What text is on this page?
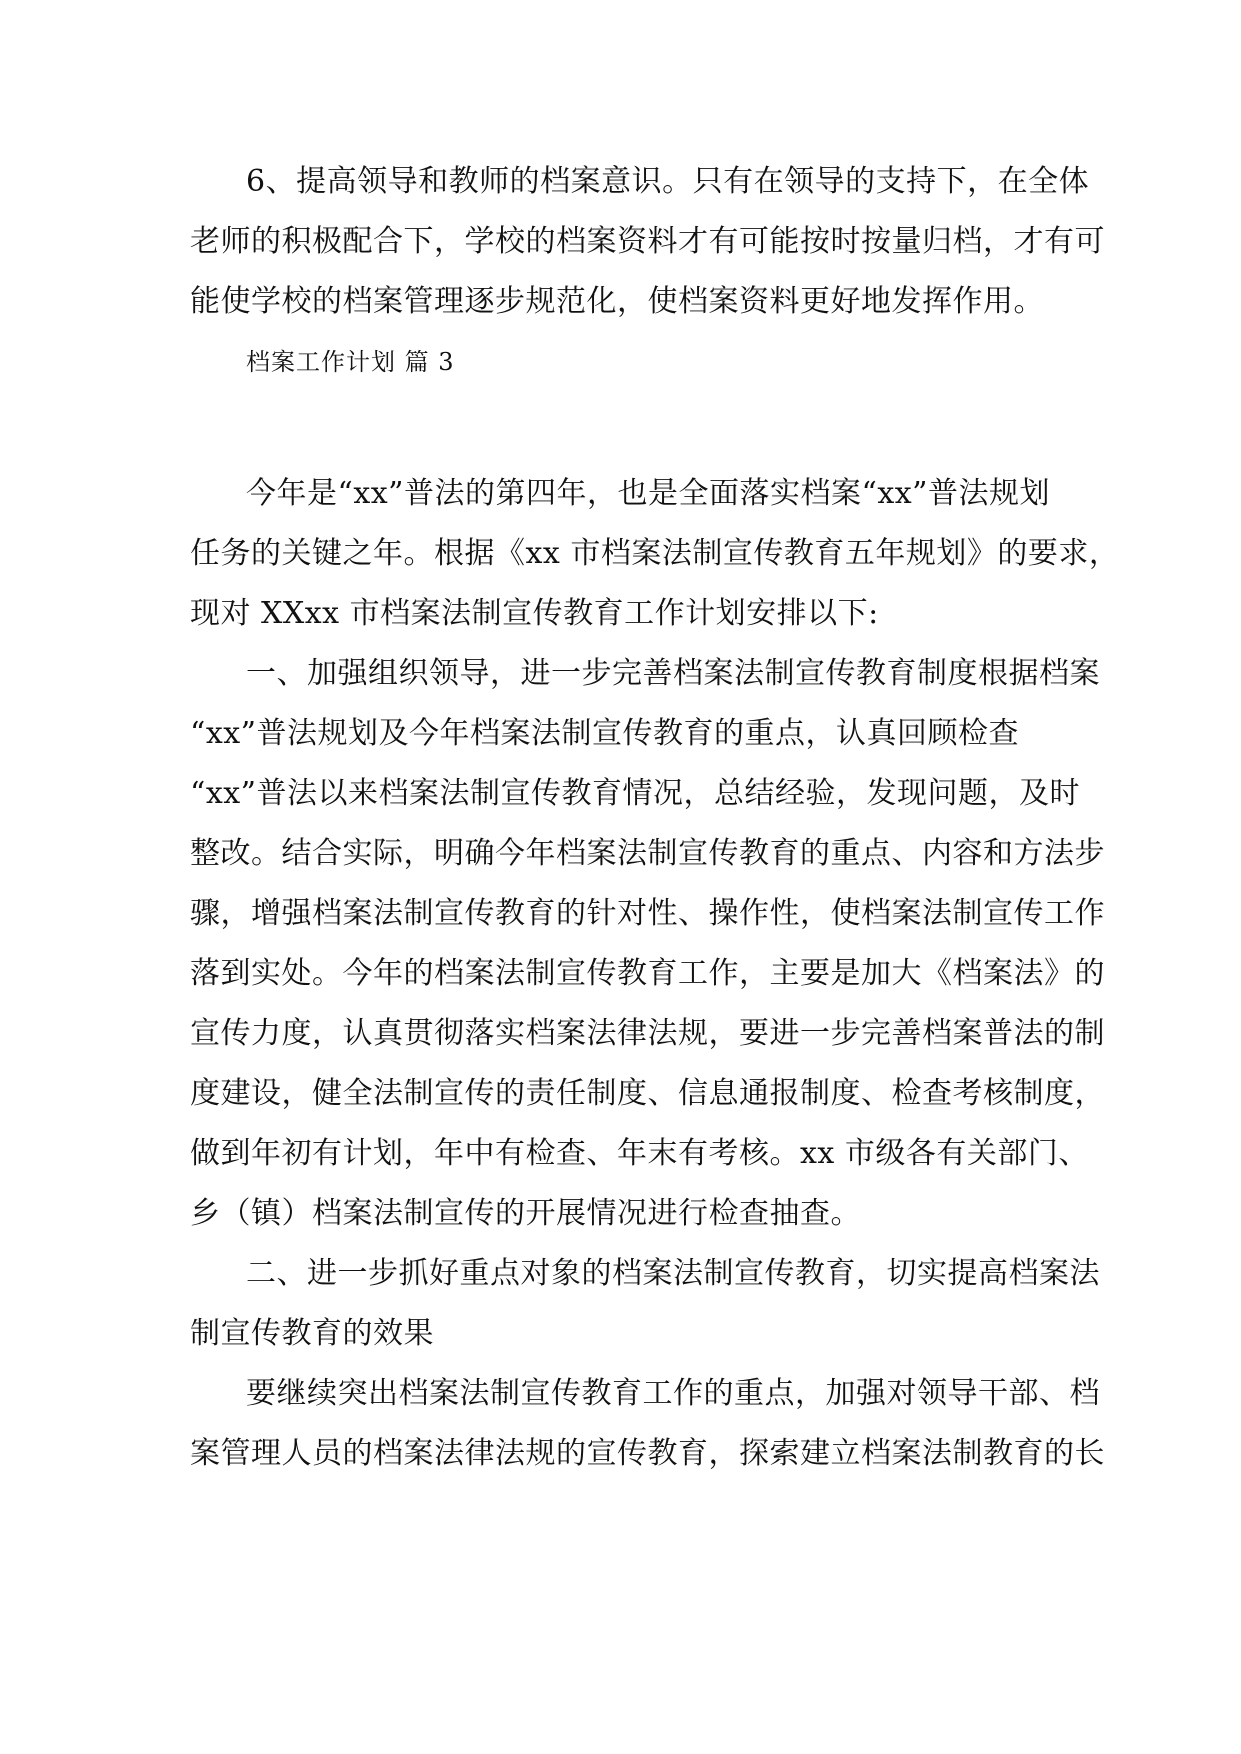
6、提高领导和教师的档案意识。只有在领导的支持下，在全体
老师的积极配合下，学校的档案资料才有可能按时按量归档，才有可
能使学校的档案管理逐步规范化，使档案资料更好地发挥作用。
档案工作计划 篇 3
今年是“xx”普法的第四年，也是全面落实档案“xx”普法规划
任务的关键之年。根据《xx 市档案法制宣传教育五年规划》的要求，
现对 XXxx 市档案法制宣传教育工作计划安排以下:
一、加强组织领导，进一步完善档案法制宣传教育制度根据档案
“xx”普法规划及今年档案法制宣传教育的重点，认真回顾检查
“xx”普法以来档案法制宣传教育情况，总结经验，发现问题，及时
整改。结合实际，明确今年档案法制宣传教育的重点、内容和方法步
骤，增强档案法制宣传教育的针对性、操作性，使档案法制宣传工作
落到实处。今年的档案法制宣传教育工作，主要是加大《档案法》的
宣传力度，认真贯彻落实档案法律法规，要进一步完善档案普法的制
度建设，健全法制宣传的责任制度、信息通报制度、检查考核制度，
做到年初有计划，年中有检查、年末有考核。xx 市级各有关部门、
乡（镇）档案法制宣传的开展情况进行检查抽查。
二、进一步抓好重点对象的档案法制宣传教育，切实提高档案法
制宣传教育的效果
要继续突出档案法制宣传教育工作的重点，加强对领导干部、档
案管理人员的档案法律法规的宣传教育，探索建立档案法制教育的长
